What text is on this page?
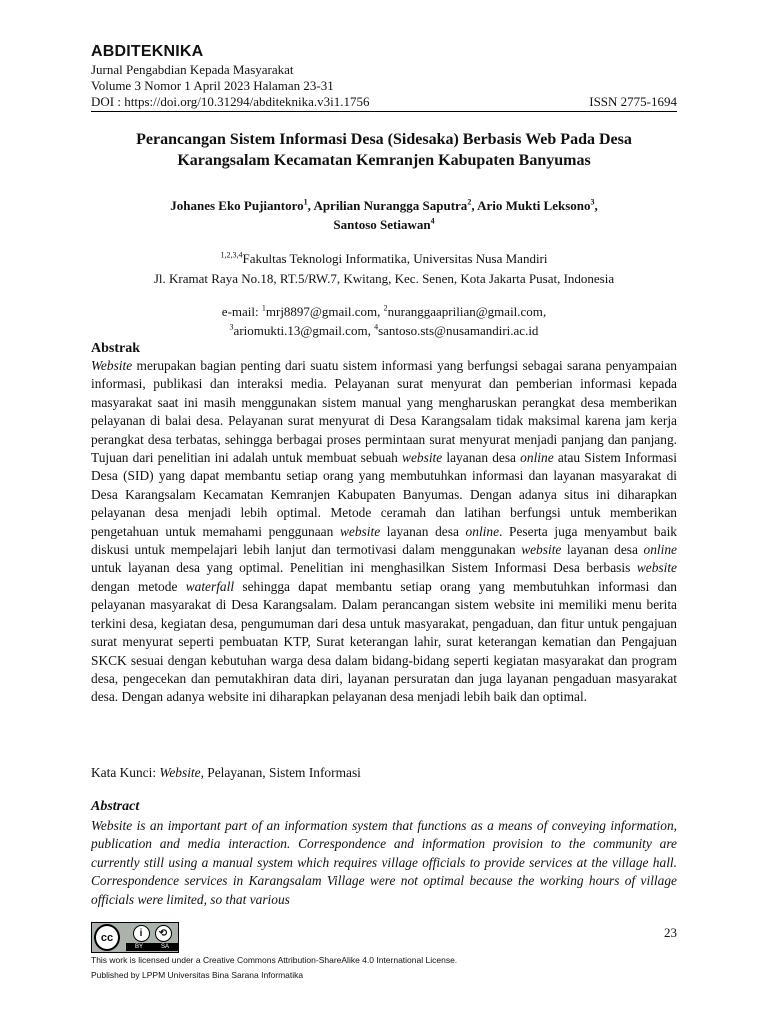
ABDITEKNIKA
Jurnal Pengabdian Kepada Masyarakat
Volume 3 Nomor 1 April 2023 Halaman 23-31
DOI : https://doi.org/10.31294/abditeknika.v3i1.1756	ISSN 2775-1694
Perancangan Sistem Informasi Desa (Sidesaka) Berbasis Web Pada Desa Karangsalam Kecamatan Kemranjen Kabupaten Banyumas
Johanes Eko Pujiantoro$^1$, Aprilian Nurangga Saputra$^2$, Ario Mukti Leksono$^3$,
Santoso Setiawan$^4$
$^{1,2,3,4}$Fakultas Teknologi Informatika, Universitas Nusa Mandiri
Jl. Kramat Raya No.18, RT.5/RW.7, Kwitang, Kec. Senen, Kota Jakarta Pusat, Indonesia
e-mail: $^1$mrj8897@gmail.com, $^2$nuranggaaprilian@gmail.com,
$^3$ariomukti.13@gmail.com, $^4$santoso.sts@nusamandiri.ac.id
Abstrak
Website merupakan bagian penting dari suatu sistem informasi yang berfungsi sebagai sarana penyampaian informasi, publikasi dan interaksi media. Pelayanan surat menyurat dan pemberian informasi kepada masyarakat saat ini masih menggunakan sistem manual yang mengharuskan perangkat desa memberikan pelayanan di balai desa. Pelayanan surat menyurat di Desa Karangsalam tidak maksimal karena jam kerja perangkat desa terbatas, sehingga berbagai proses permintaan surat menyurat menjadi panjang dan panjang. Tujuan dari penelitian ini adalah untuk membuat sebuah website layanan desa online atau Sistem Informasi Desa (SID) yang dapat membantu setiap orang yang membutuhkan informasi dan layanan masyarakat di Desa Karangsalam Kecamatan Kemranjen Kabupaten Banyumas. Dengan adanya situs ini diharapkan pelayanan desa menjadi lebih optimal. Metode ceramah dan latihan berfungsi untuk memberikan pengetahuan untuk memahami penggunaan website layanan desa online. Peserta juga menyambut baik diskusi untuk mempelajari lebih lanjut dan termotivasi dalam menggunakan website layanan desa online untuk layanan desa yang optimal. Penelitian ini menghasilkan Sistem Informasi Desa berbasis website dengan metode waterfall sehingga dapat membantu setiap orang yang membutuhkan informasi dan pelayanan masyarakat di Desa Karangsalam. Dalam perancangan sistem website ini memiliki menu berita terkini desa, kegiatan desa, pengumuman dari desa untuk masyarakat, pengaduan, dan fitur untuk pengajuan surat menyurat seperti pembuatan KTP, Surat keterangan lahir, surat keterangan kematian dan Pengajuan SKCK sesuai dengan kebutuhan warga desa dalam bidang-bidang seperti kegiatan masyarakat dan program desa, pengecekan dan pemutakhiran data diri, layanan persuratan dan juga layanan pengaduan masyarakat desa. Dengan adanya website ini diharapkan pelayanan desa menjadi lebih baik dan optimal.
Kata Kunci: Website, Pelayanan, Sistem Informasi
Abstract
Website is an important part of an information system that functions as a means of conveying information, publication and media interaction. Correspondence and information provision to the community are currently still using a manual system which requires village officials to provide services at the village hall. Correspondence services in Karangsalam Village were not optimal because the working hours of village officials were limited, so that various
cc	i	⟲
BY	SA
23
This work is licensed under a Creative Commons Attribution-ShareAlike 4.0 International License.
Published by LPPM Universitas Bina Sarana Informatika
